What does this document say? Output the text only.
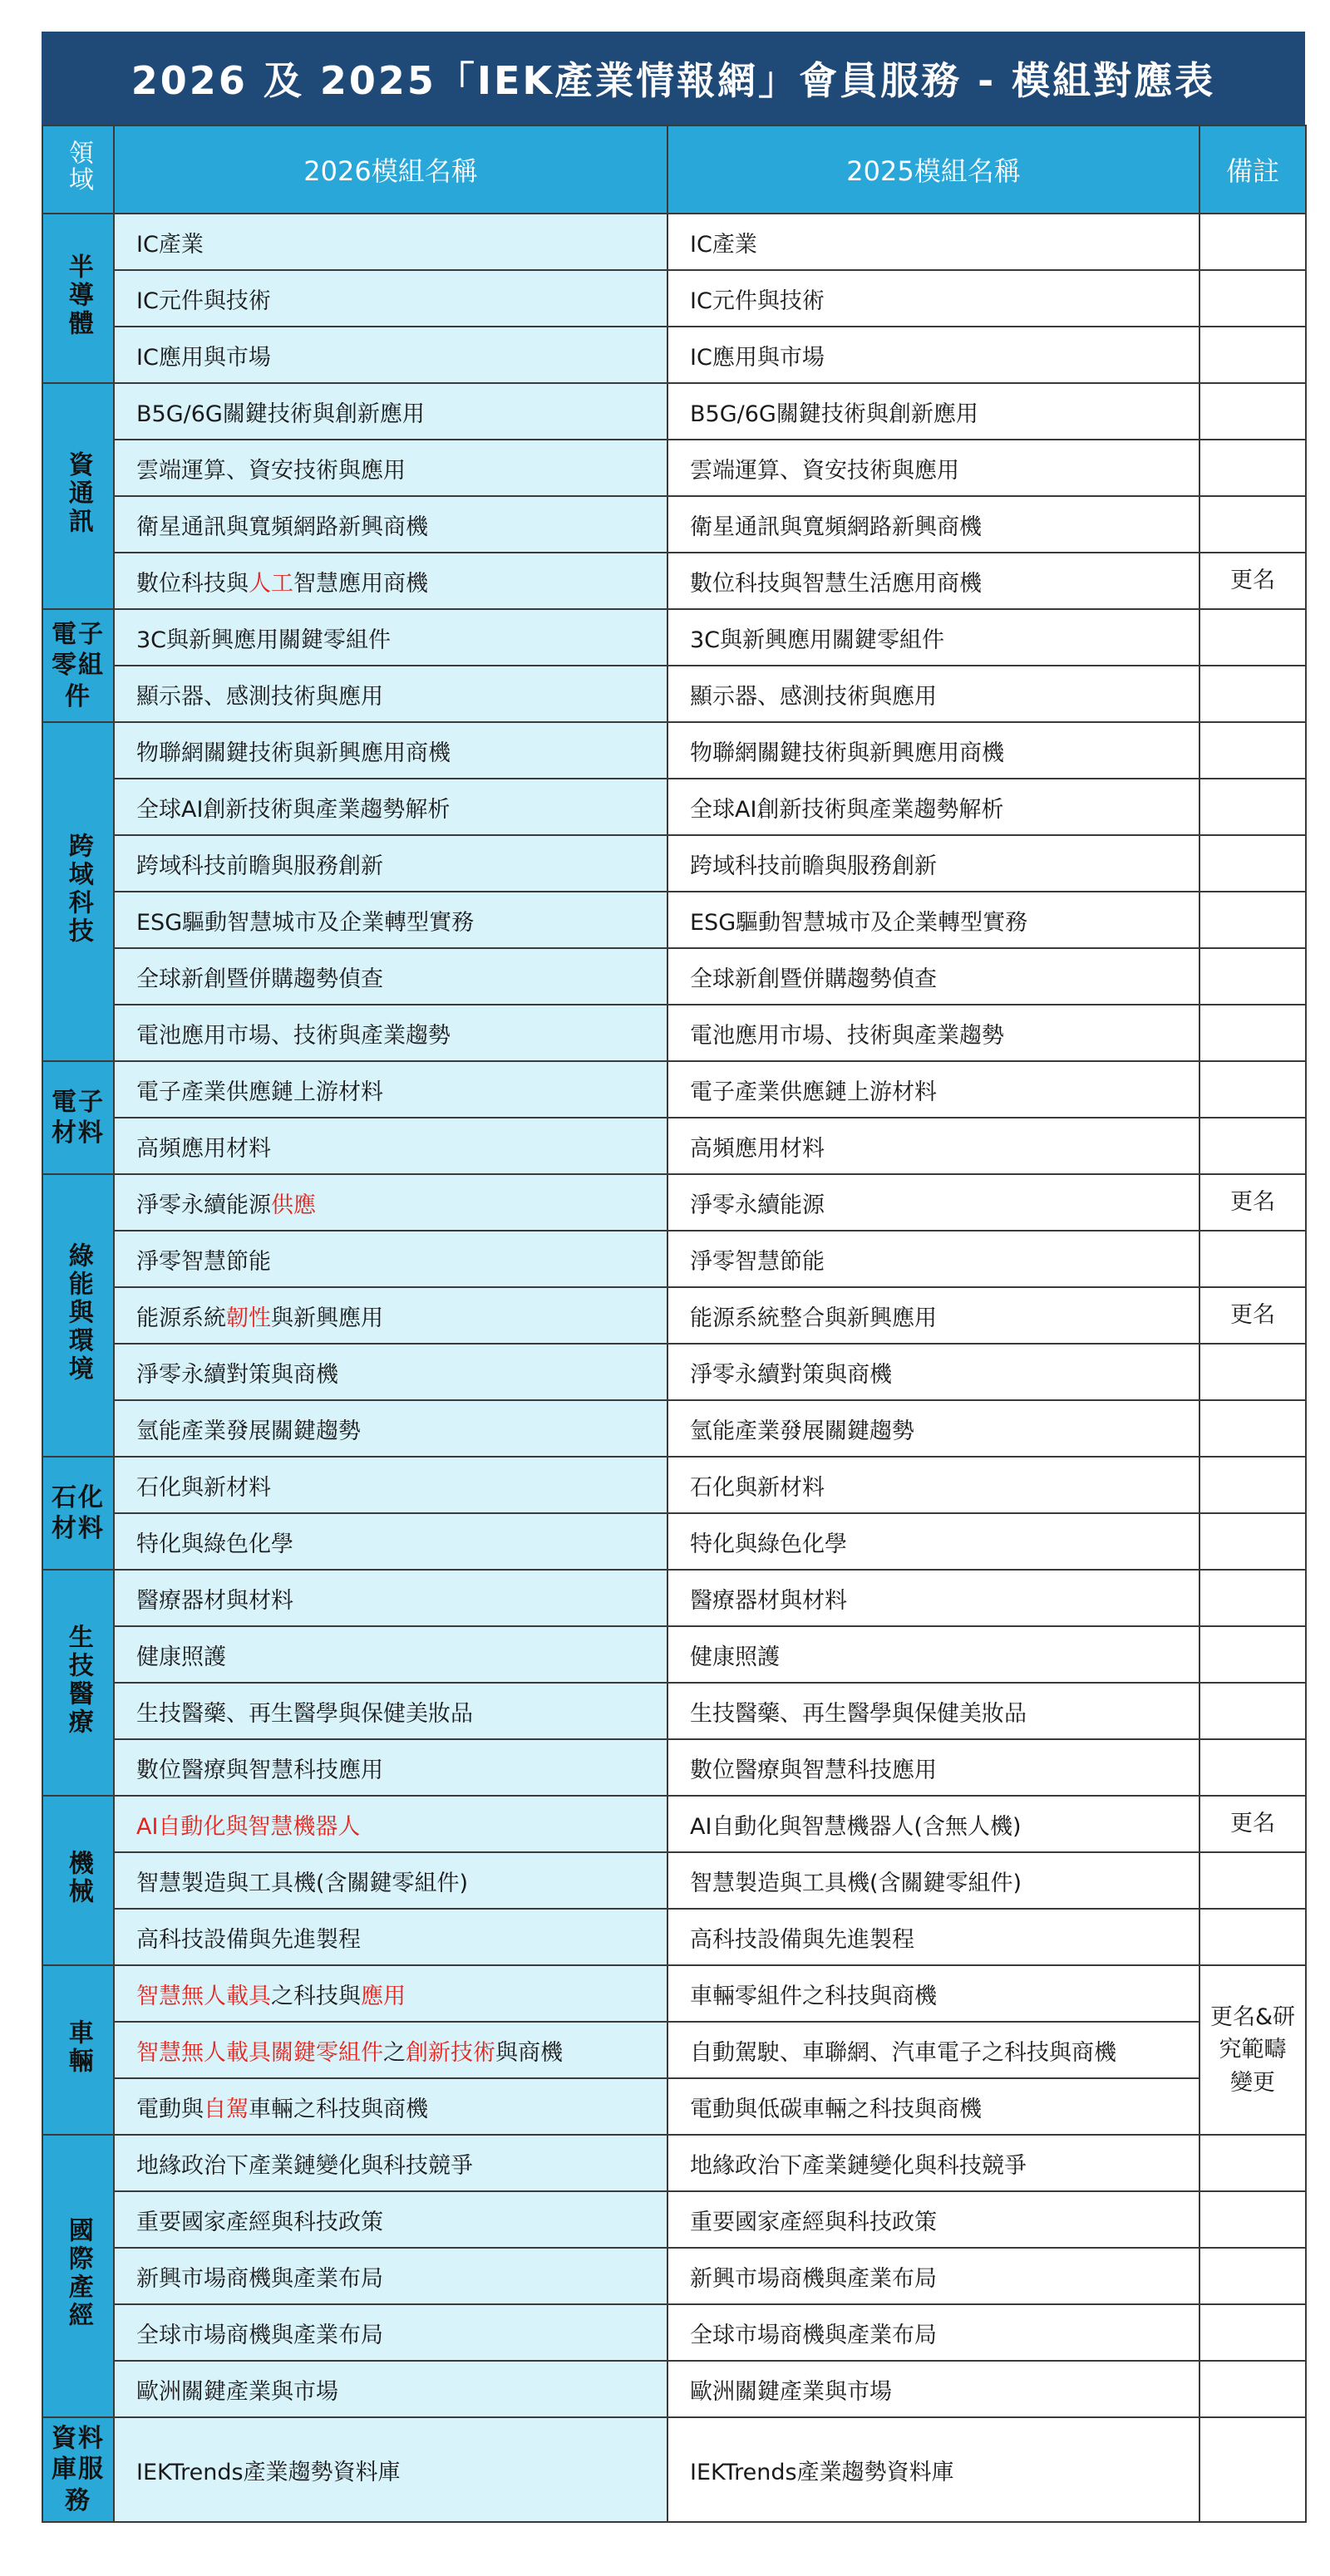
2026 及 2025「IEK產業情報網」會員服務 - 模組對應表
領域	2026模組名稱	2025模組名稱	備註
半導體	IC產業	IC產業	
	IC元件與技術	IC元件與技術	
	IC應用與市場	IC應用與市場	
資通訊	B5G/6G關鍵技術與創新應用	B5G/6G關鍵技術與創新應用	
	雲端運算、資安技術與應用	雲端運算、資安技術與應用	
	衛星通訊與寬頻網路新興商機	衛星通訊與寬頻網路新興商機	
	數位科技與人工智慧應用商機	數位科技與智慧生活應用商機	更名

電子零組件	3C與新興應用關鍵零組件	3C與新興應用關鍵零組件	
	顯示器、感測技術與應用	顯示器、感測技術與應用	
跨域科技	物聯網關鍵技術與新興應用商機	物聯網關鍵技術與新興應用商機	
	全球AI創新技術與產業趨勢解析	全球AI創新技術與產業趨勢解析	
	跨域科技前瞻與服務創新	跨域科技前瞻與服務創新	
	ESG驅動智慧城市及企業轉型實務	ESG驅動智慧城市及企業轉型實務	
	全球新創暨併購趨勢偵查	全球新創暨併購趨勢偵查	
	電池應用市場、技術與產業趨勢	電池應用市場、技術與產業趨勢	

電子材料	電子產業供應鏈上游材料	電子產業供應鏈上游材料	
	高頻應用材料	高頻應用材料	
綠能與環境	淨零永續能源供應	淨零永續能源	更名
	淨零智慧節能	淨零智慧節能	
	能源系統韌性與新興應用	能源系統整合與新興應用	更名
	淨零永續對策與商機	淨零永續對策與商機	
	氫能產業發展關鍵趨勢	氫能產業發展關鍵趨勢	

石化材料	石化與新材料	石化與新材料	
	特化與綠色化學	特化與綠色化學	
生技醫療	醫療器材與材料	醫療器材與材料	
	健康照護	健康照護	
	生技醫藥、再生醫學與保健美妝品	生技醫藥、再生醫學與保健美妝品	
	數位醫療與智慧科技應用	數位醫療與智慧科技應用	
機械	AI自動化與智慧機器人	AI自動化與智慧機器人(含無人機)	更名
	智慧製造與工具機(含關鍵零組件)	智慧製造與工具機(含關鍵零組件)	
	高科技設備與先進製程	高科技設備與先進製程	
車輛	智慧無人載具之科技與應用	車輛零組件之科技與商機	更名&研究範疇變更
	智慧無人載具關鍵零組件之創新技術與商機	自動駕駛、車聯網、汽車電子之科技與商機	
	電動與自駕車輛之科技與商機	電動與低碳車輛之科技與商機	
國際產經	地緣政治下產業鏈變化與科技競爭	地緣政治下產業鏈變化與科技競爭	
	重要國家產經與科技政策	重要國家產經與科技政策	
	新興市場商機與產業布局	新興市場商機與產業布局	
	全球市場商機與產業布局	全球市場商機與產業布局	
	歐洲關鍵產業與市場	歐洲關鍵產業與市場	

資料庫服務	IEKTrends產業趨勢資料庫	IEKTrends產業趨勢資料庫	
